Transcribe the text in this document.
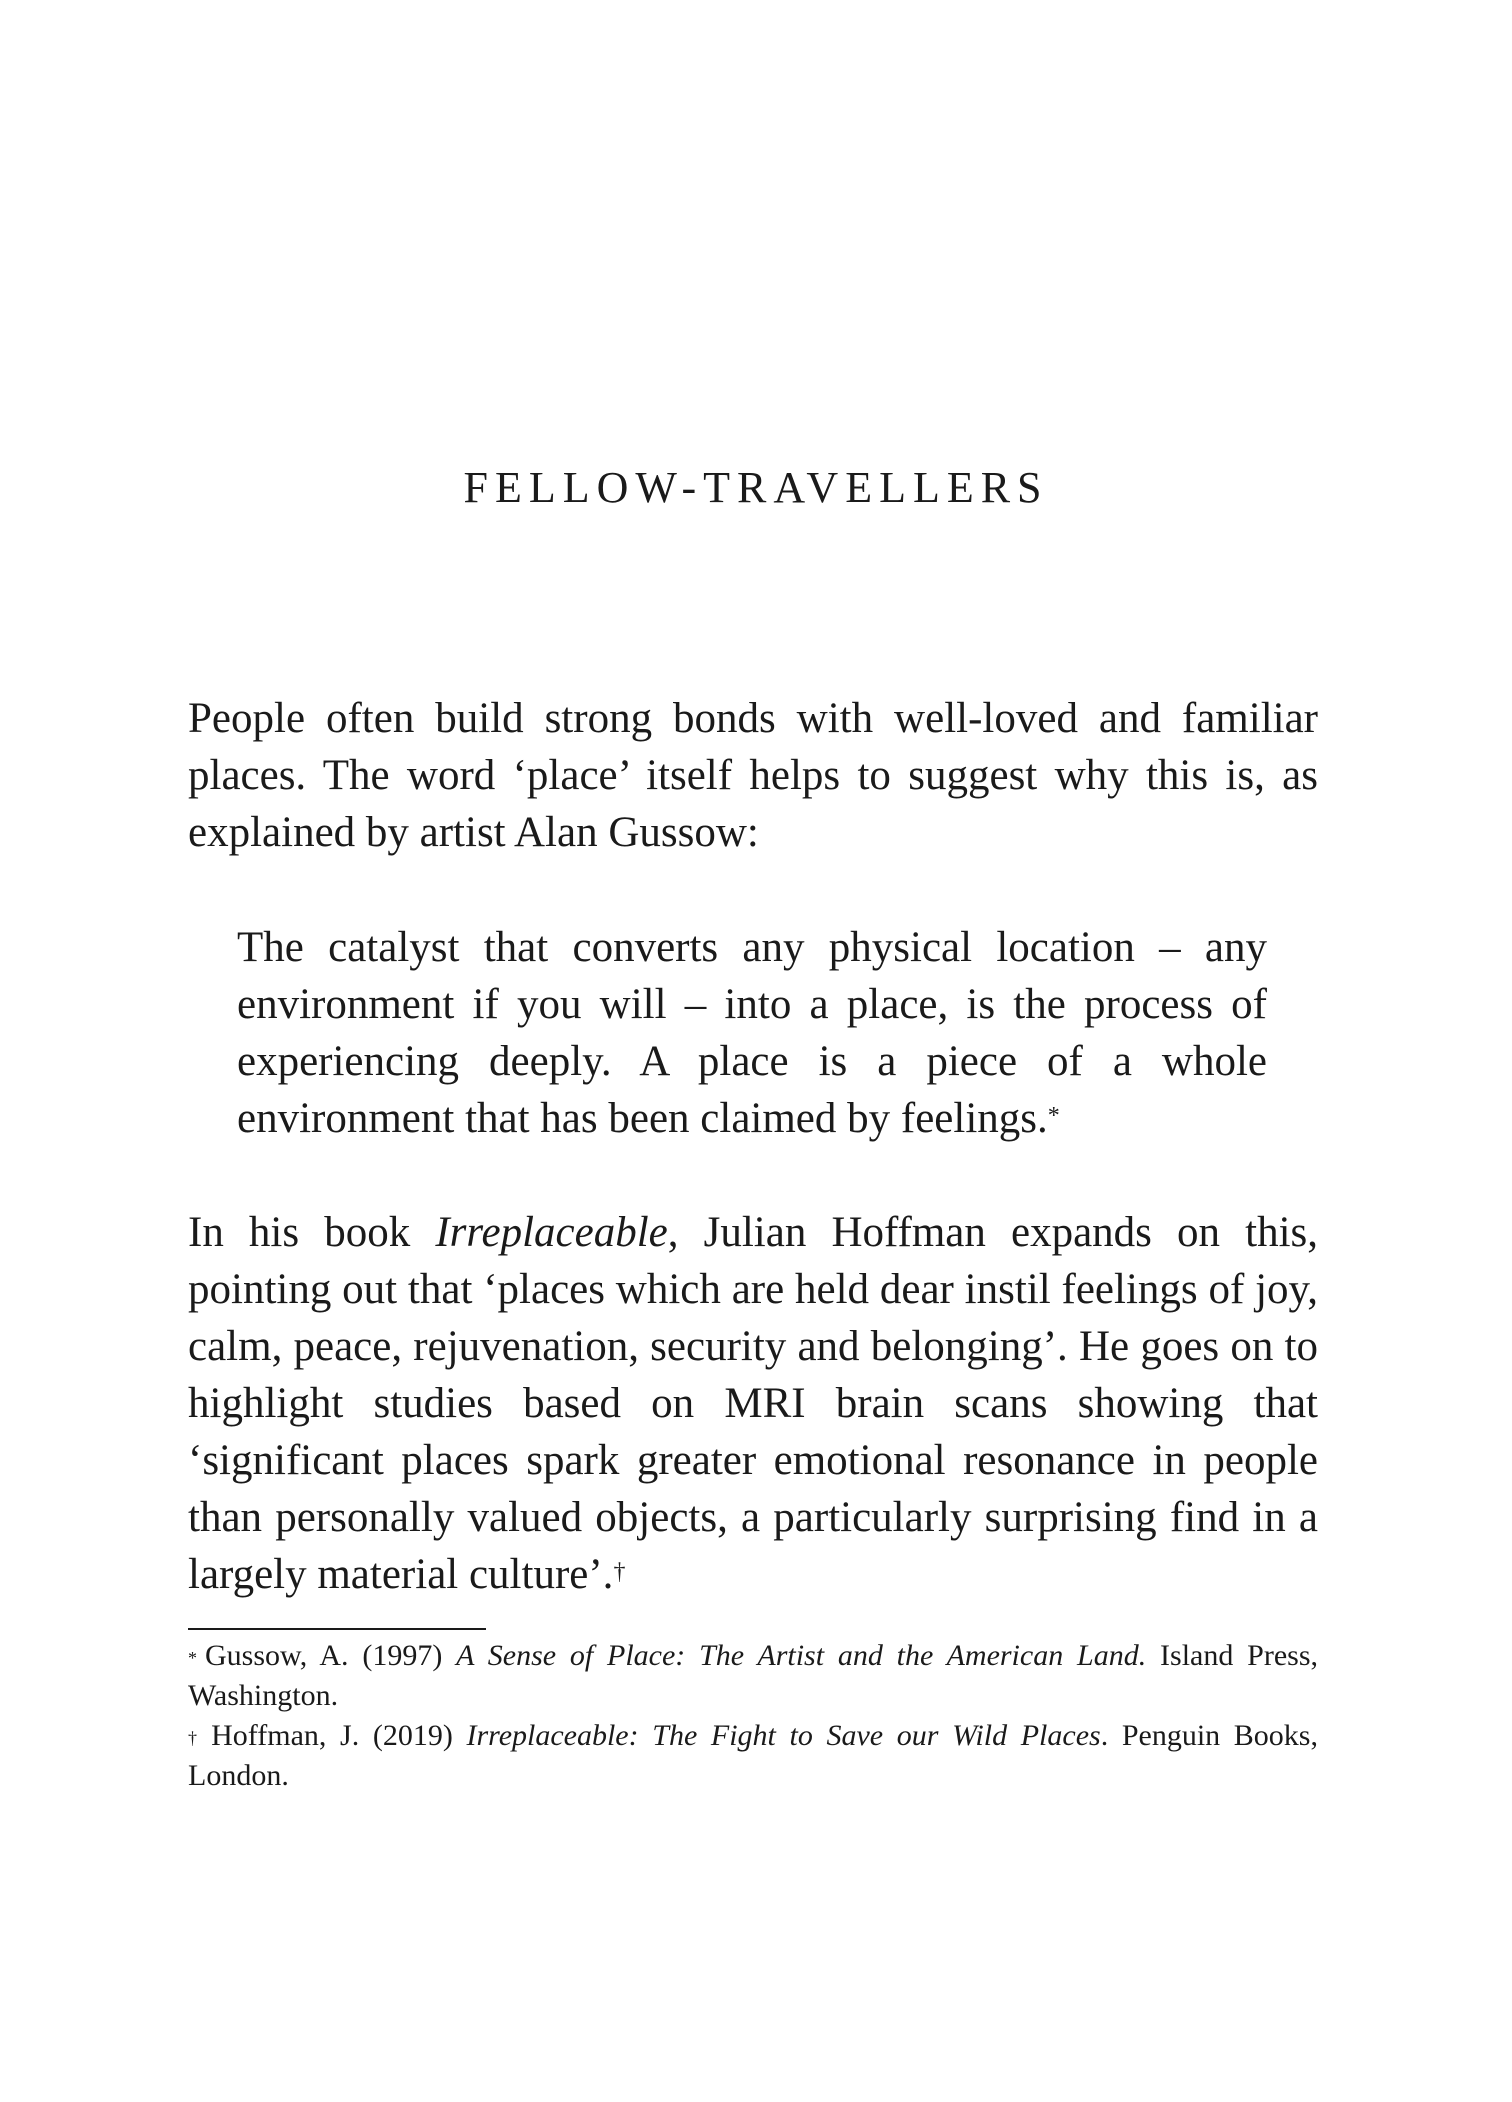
FELLOW-TRAVELLERS

People often build strong bonds with well-loved and familiar places. The word ‘place’ itself helps to suggest why this is, as explained by artist Alan Gussow:

The catalyst that converts any physical location – any environment if you will – into a place, is the process of experiencing deeply. A place is a piece of a whole environment that has been claimed by feelings.*

In his book Irreplaceable, Julian Hoffman expands on this, pointing out that ‘places which are held dear instil feelings of joy, calm, peace, rejuvenation, security and belonging’. He goes on to highlight studies based on MRI brain scans showing that ‘significant places spark greater emotional resonance in people than personally valued objects, a particularly surprising find in a largely material culture’.†

* Gussow, A. (1997) A Sense of Place: The Artist and the American Land. Island Press, Washington.

† Hoffman, J. (2019) Irreplaceable: The Fight to Save our Wild Places. Penguin Books, London.
